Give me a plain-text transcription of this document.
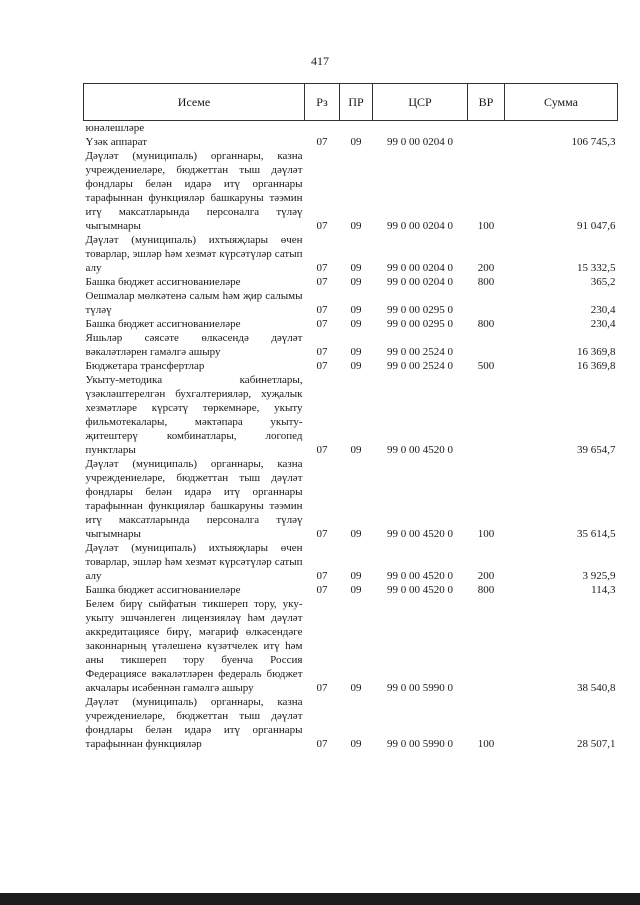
417
Исеме	Рз	ПР	ЦСР	ВР	Сумма
юнәлешләре					
Үзәк аппарат	07	09	99 0 00 0204 0		106 745,3
Дәүләт (муниципаль) органнары, казна учреждениеләре, бюджеттан тыш дәүләт фондлары белән идарә итү органнары тарафыннан функцияләр башкаруны тәэмин итү максатларында персоналга түләү чыгымнары	07	09	99 0 00 0204 0	100	91 047,6
Дәүләт (муниципаль) ихтыяҗлары өчен товарлар, эшләр һәм хезмәт күрсәтүләр сатып алу	07	09	99 0 00 0204 0	200	15 332,5
Башка бюджет ассигнованиеләре	07	09	99 0 00 0204 0	800	365,2
Оешмалар мөлкәтенә салым һәм җир салымы түләү	07	09	99 0 00 0295 0		230,4
Башка бюджет ассигнованиеләре	07	09	99 0 00 0295 0	800	230,4
Яшьләр сәясәте өлкәсендә дәүләт вәкаләтләрен гамәлгә ашыру	07	09	99 0 00 2524 0		16 369,8
Бюджетара трансфертлар	07	09	99 0 00 2524 0	500	16 369,8
Укыту-методика кабинетлары, үзәкләштерелгән бухгалтерияләр, хуҗалык хезмәтләре күрсәтү төркемнәре, укыту фильмотекалары, мәктәпара укыту-җитештерү комбинатлары, логопед пунктлары	07	09	99 0 00 4520 0		39 654,7
Дәүләт (муниципаль) органнары, казна учреждениеләре, бюджеттан тыш дәүләт фондлары белән идарә итү органнары тарафыннан функцияләр башкаруны тәэмин итү максатларында персоналга түләү чыгымнары	07	09	99 0 00 4520 0	100	35 614,5
Дәүләт (муниципаль) ихтыяҗлары өчен товарлар, эшләр һәм хезмәт күрсәтүләр сатып алу	07	09	99 0 00 4520 0	200	3 925,9
Башка бюджет ассигнованиеләре	07	09	99 0 00 4520 0	800	114,3
Белем бирү сыйфатын тикшереп тору, уку-укыту эшчәнлеген лицензияләү һәм дәүләт аккредитациясе бирү, мәгариф өлкәсендәге законнарның үтәлешенә күзәтчелек итү һәм аны тикшереп тору буенча Россия Федерациясе вәкаләтләрен федераль бюджет акчалары исәбеннән гамәлгә ашыру	07	09	99 0 00 5990 0		38 540,8
Дәүләт (муниципаль) органнары, казна учреждениеләре, бюджеттан тыш дәүләт фондлары белән идарә итү органнары тарафыннан функцияләр	07	09	99 0 00 5990 0	100	28 507,1
